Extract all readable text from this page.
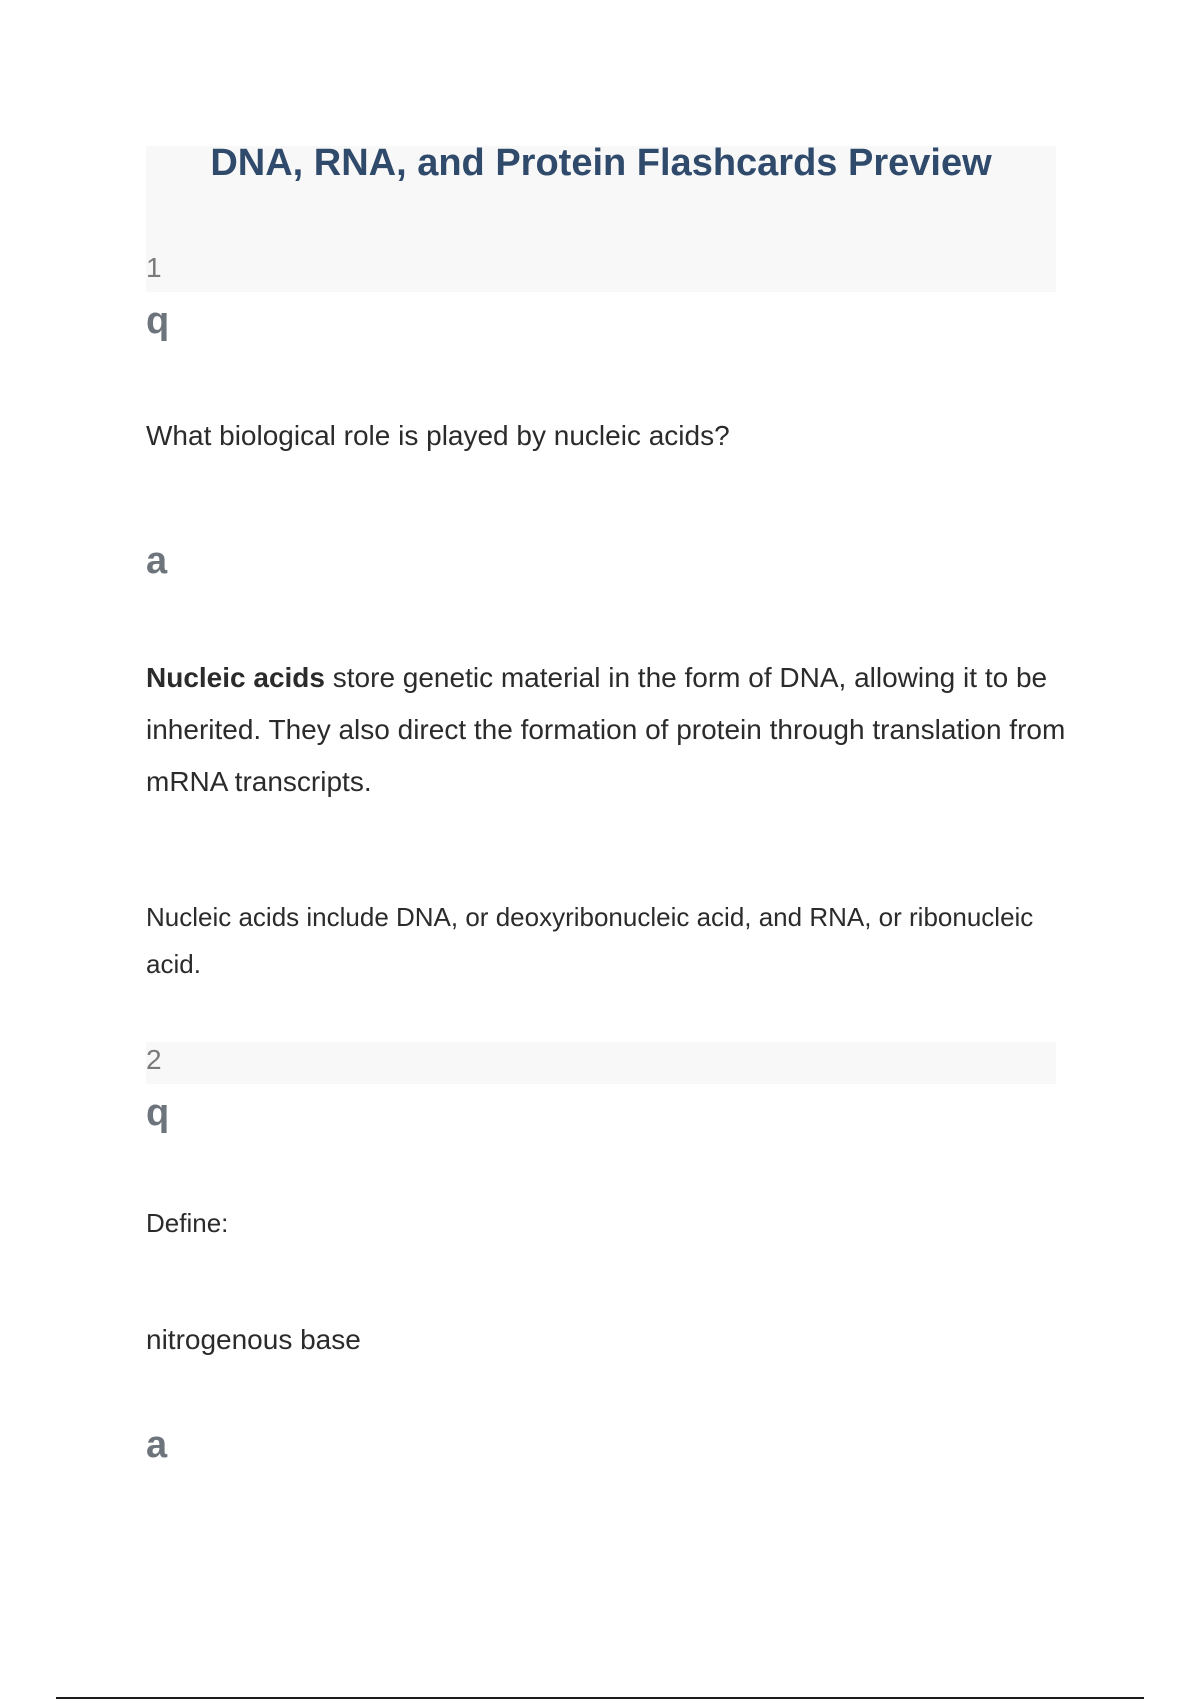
DNA, RNA, and Protein Flashcards Preview
1
q
What biological role is played by nucleic acids?
a
Nucleic acids store genetic material in the form of DNA, allowing it to be inherited. They also direct the formation of protein through translation from mRNA transcripts.
Nucleic acids include DNA, or deoxyribonucleic acid, and RNA, or ribonucleic acid.
2
q
Define:
nitrogenous base
a
